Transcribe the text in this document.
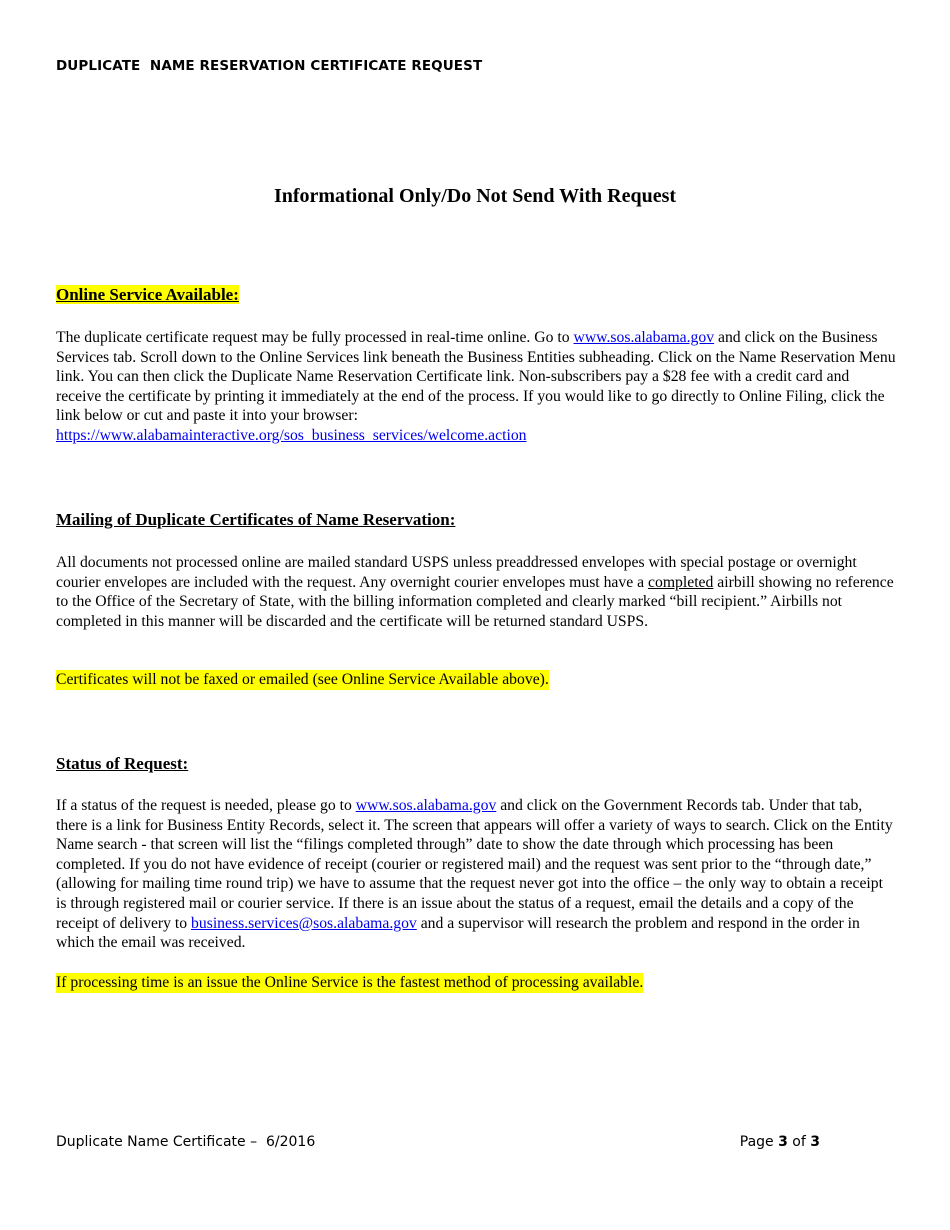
DUPLICATE  NAME RESERVATION CERTIFICATE REQUEST
Informational Only/Do Not Send With Request
Online Service Available:
The duplicate certificate request may be fully processed in real-time online. Go to www.sos.alabama.gov and click on the Business Services tab. Scroll down to the Online Services link beneath the Business Entities subheading. Click on the Name Reservation Menu link. You can then click the Duplicate Name Reservation Certificate link. Non-subscribers pay a $28 fee with a credit card and receive the certificate by printing it immediately at the end of the process. If you would like to go directly to Online Filing, click the link below or cut and paste it into your browser:
https://www.alabamainteractive.org/sos_business_services/welcome.action
Mailing of Duplicate Certificates of Name Reservation:
All documents not processed online are mailed standard USPS unless preaddressed envelopes with special postage or overnight courier envelopes are included with the request. Any overnight courier envelopes must have a completed airbill showing no reference to the Office of the Secretary of State, with the billing information completed and clearly marked “bill recipient.” Airbills not completed in this manner will be discarded and the certificate will be returned standard USPS.
Certificates will not be faxed or emailed (see Online Service Available above).
Status of Request:
If a status of the request is needed, please go to www.sos.alabama.gov and click on the Government Records tab. Under that tab, there is a link for Business Entity Records, select it. The screen that appears will offer a variety of ways to search. Click on the Entity Name search - that screen will list the “filings completed through” date to show the date through which processing has been completed. If you do not have evidence of receipt (courier or registered mail) and the request was sent prior to the “through date,” (allowing for mailing time round trip) we have to assume that the request never got into the office – the only way to obtain a receipt is through registered mail or courier service. If there is an issue about the status of a request, email the details and a copy of the receipt of delivery to business.services@sos.alabama.gov and a supervisor will research the problem and respond in the order in which the email was received.
If processing time is an issue the Online Service is the fastest method of processing available.
Duplicate Name Certificate –  6/2016	Page 3 of 3
